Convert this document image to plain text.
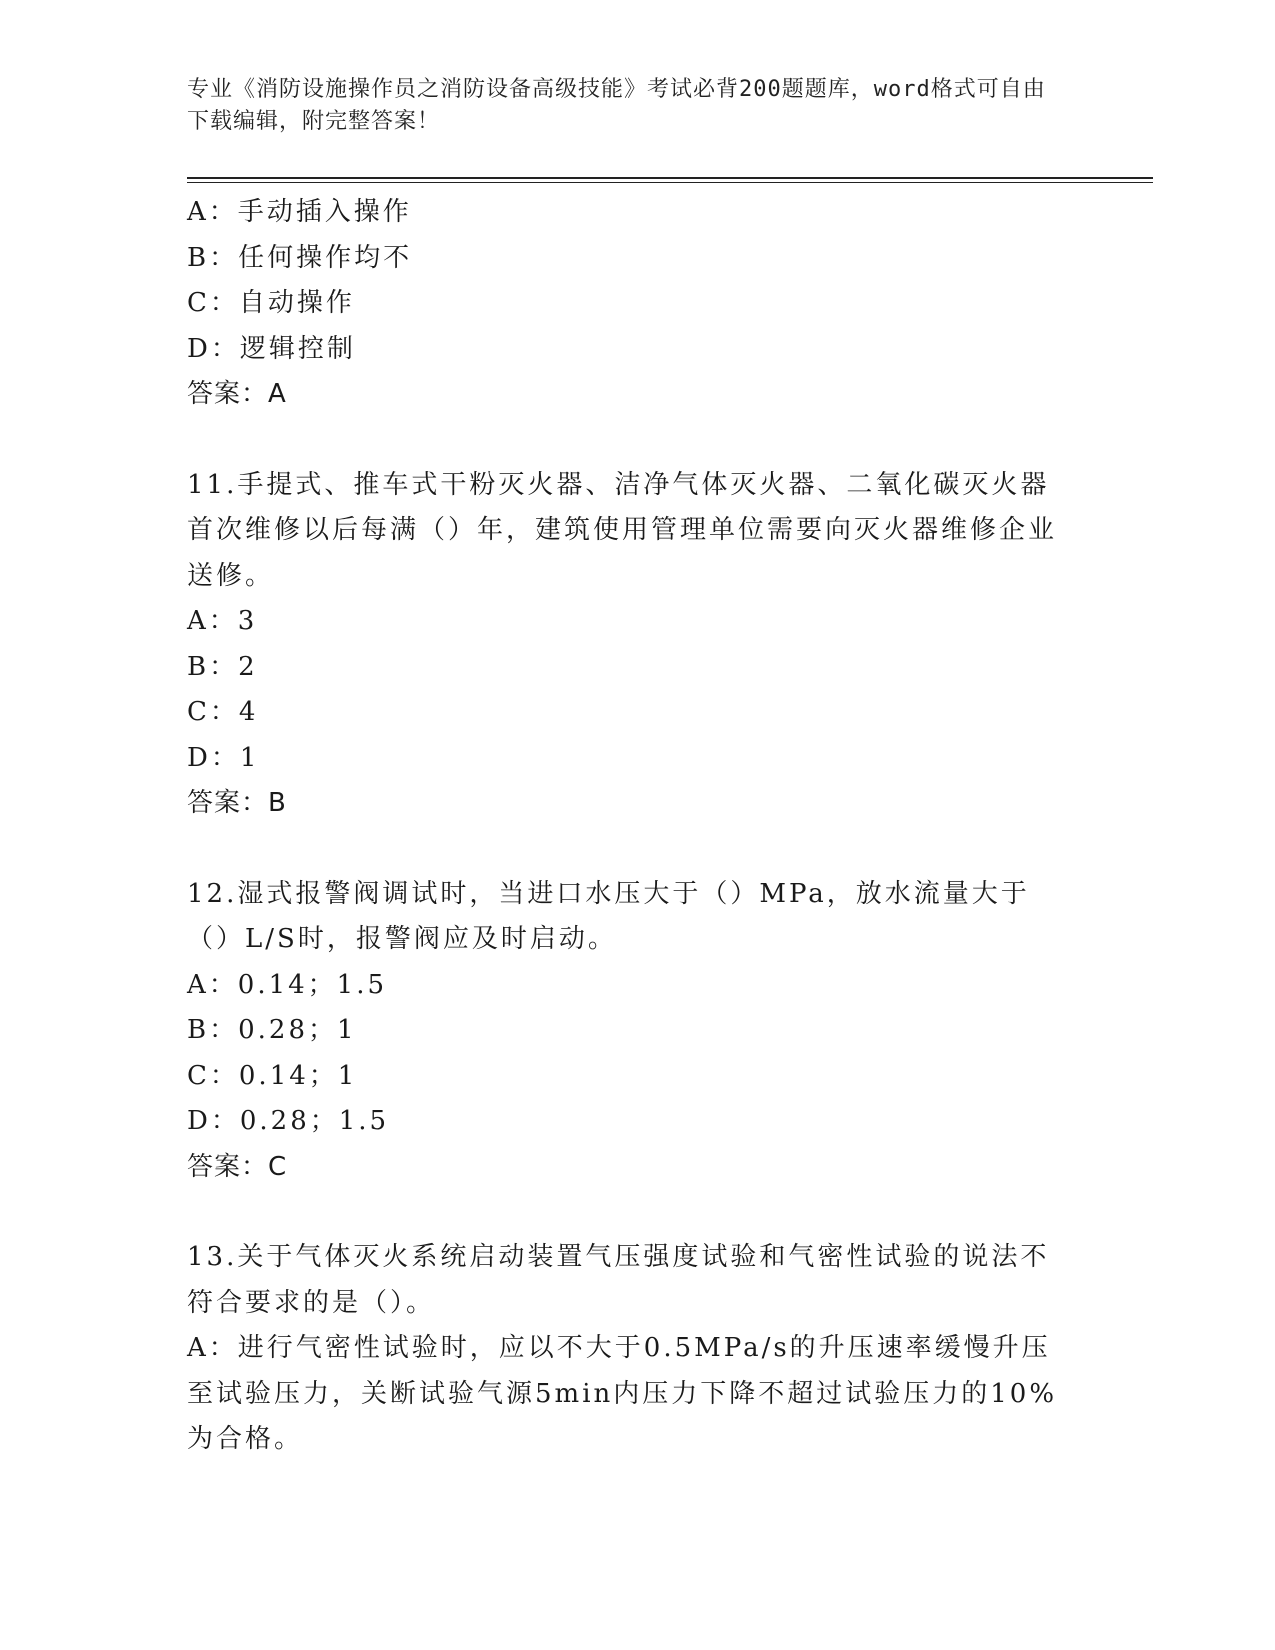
专业《消防设施操作员之消防设备高级技能》考试必背200题题库，word格式可自由下载编辑，附完整答案！
A：手动插入操作
B：任何操作均不
C：自动操作
D：逻辑控制
答案：A
11.手提式、推车式干粉灭火器、洁净气体灭火器、二氧化碳灭火器首次维修以后每满（）年，建筑使用管理单位需要向灭火器维修企业送修。
A：3
B：2
C：4
D：1
答案：B
12.湿式报警阀调试时，当进口水压大于（）MPa，放水流量大于（）L/S时，报警阀应及时启动。
A：0.14；1.5
B：0.28；1
C：0.14；1
D：0.28；1.5
答案：C
13.关于气体灭火系统启动装置气压强度试验和气密性试验的说法不符合要求的是（）。
A：进行气密性试验时，应以不大于0.5MPa/s的升压速率缓慢升压至试验压力，关断试验气源5min内压力下降不超过试验压力的10%为合格。
